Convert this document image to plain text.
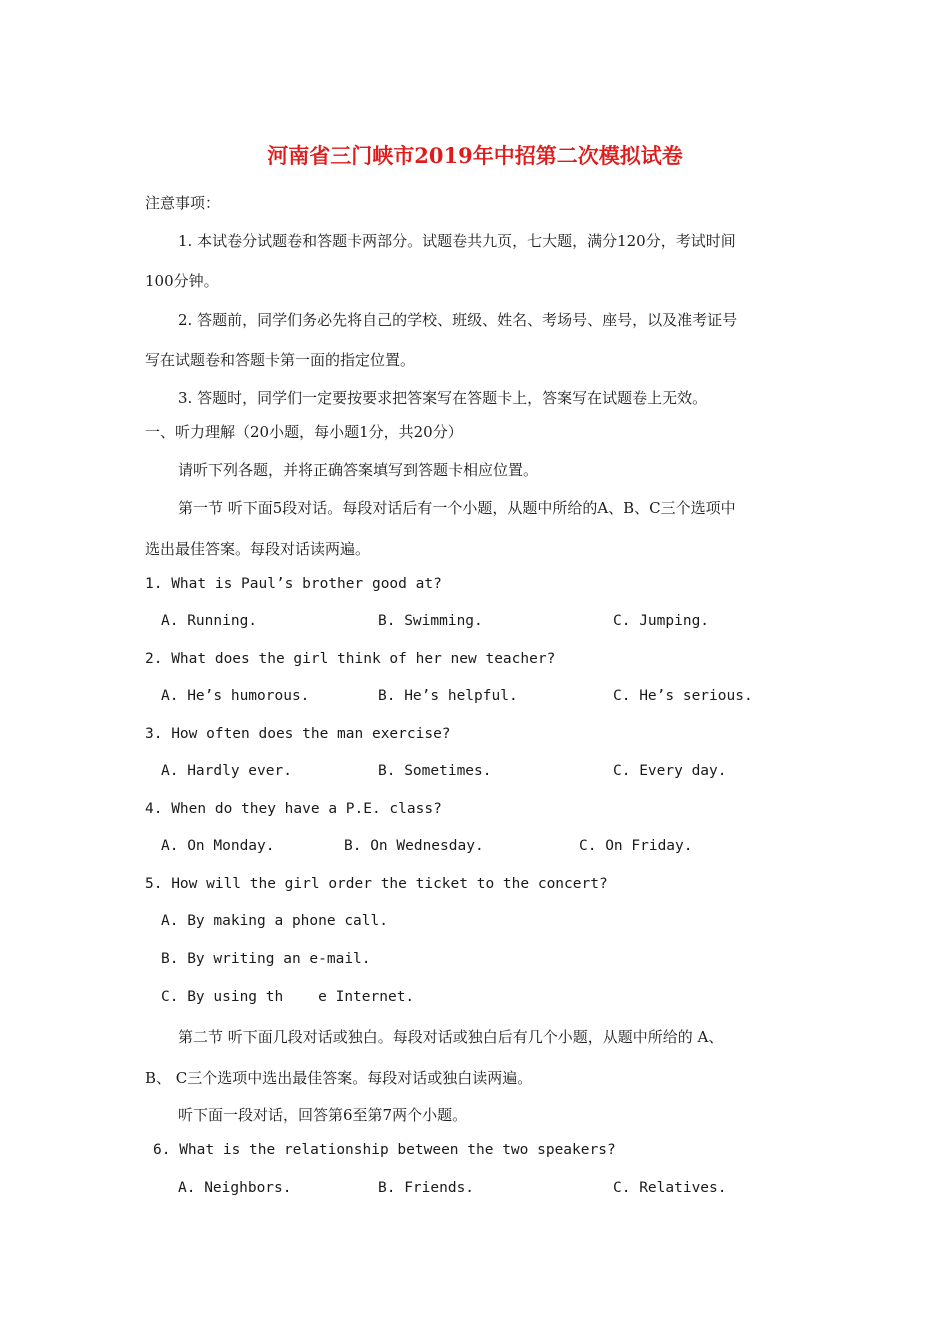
河南省三门峡市2019年中招第二次模拟试卷
注意事项：
1. 本试卷分试题卷和答题卡两部分。试题卷共九页，七大题，满分120分，考试时间
100分钟。
2. 答题前，同学们务必先将自己的学校、班级、姓名、考场号、座号，以及准考证号
写在试题卷和答题卡第一面的指定位置。
3. 答题时，同学们一定要按要求把答案写在答题卡上，答案写在试题卷上无效。
一、听力理解（20小题，每小题1分，共20分）
请听下列各题，并将正确答案填写到答题卡相应位置。
第一节 听下面5段对话。每段对话后有一个小题，从题中所给的A、B、C三个选项中
选出最佳答案。每段对话读两遍。
1. What is Paul’s brother good at?
A. Running.	B. Swimming.	C. Jumping.
2. What does the girl think of her new teacher?
A. He’s humorous.	B. He’s helpful.	C. He’s serious.
3. How often does the man exercise?
A. Hardly ever.	B. Sometimes.	C. Every day.
4. When do they have a P.E. class?
A. On Monday.	B. On Wednesday.	C. On Friday.
5. How will the girl order the ticket to the concert?
A. By making a phone call.
B. By writing an e-mail.
C. By using th    e Internet.
第二节 听下面几段对话或独白。每段对话或独白后有几个小题，从题中所给的 A、
B、 C三个选项中选出最佳答案。每段对话或独白读两遍。
听下面一段对话，回答第6至第7两个小题。
6. What is the relationship between the two speakers?
A. Neighbors.	B. Friends.	C. Relatives.
